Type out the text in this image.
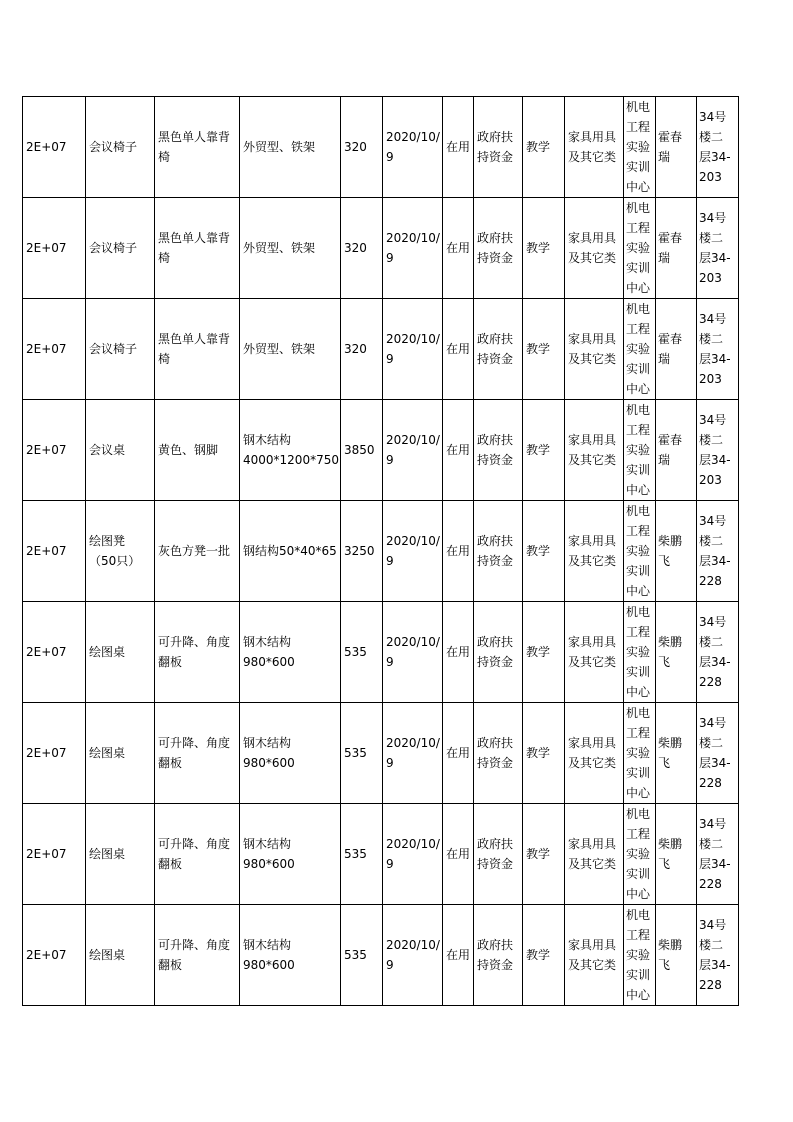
2E+07	会议椅子	黑色单人靠背
椅	外贸型、铁架	320	2020/10/
9	在用	政府扶
持资金	教学	家具用具
及其它类	机电
工程
实验
实训
中心	霍春
瑞	34号
楼二
层34-
203

2E+07	会议椅子	黑色单人靠背
椅	外贸型、铁架	320	2020/10/
9	在用	政府扶
持资金	教学	家具用具
及其它类	机电
工程
实验
实训
中心	霍春
瑞	34号
楼二
层34-
203

2E+07	会议椅子	黑色单人靠背
椅	外贸型、铁架	320	2020/10/
9	在用	政府扶
持资金	教学	家具用具
及其它类	机电
工程
实验
实训
中心	霍春
瑞	34号
楼二
层34-
203

2E+07	会议桌	黄色、钢脚	钢木结构
4000*1200*750	3850	2020/10/
9	在用	政府扶
持资金	教学	家具用具
及其它类	机电
工程
实验
实训
中心	霍春
瑞	34号
楼二
层34-
203

2E+07	绘图凳
（50只）	灰色方凳一批	钢结构50*40*65	3250	2020/10/
9	在用	政府扶
持资金	教学	家具用具
及其它类	机电
工程
实验
实训
中心	柴鹏
飞	34号
楼二
层34-
228

2E+07	绘图桌	可升降、角度
翻板	钢木结构
980*600	535	2020/10/
9	在用	政府扶
持资金	教学	家具用具
及其它类	机电
工程
实验
实训
中心	柴鹏
飞	34号
楼二
层34-
228

2E+07	绘图桌	可升降、角度
翻板	钢木结构
980*600	535	2020/10/
9	在用	政府扶
持资金	教学	家具用具
及其它类	机电
工程
实验
实训
中心	柴鹏
飞	34号
楼二
层34-
228

2E+07	绘图桌	可升降、角度
翻板	钢木结构
980*600	535	2020/10/
9	在用	政府扶
持资金	教学	家具用具
及其它类	机电
工程
实验
实训
中心	柴鹏
飞	34号
楼二
层34-
228

2E+07	绘图桌	可升降、角度
翻板	钢木结构
980*600	535	2020/10/
9	在用	政府扶
持资金	教学	家具用具
及其它类	机电
工程
实验
实训
中心	柴鹏
飞	34号
楼二
层34-
228
